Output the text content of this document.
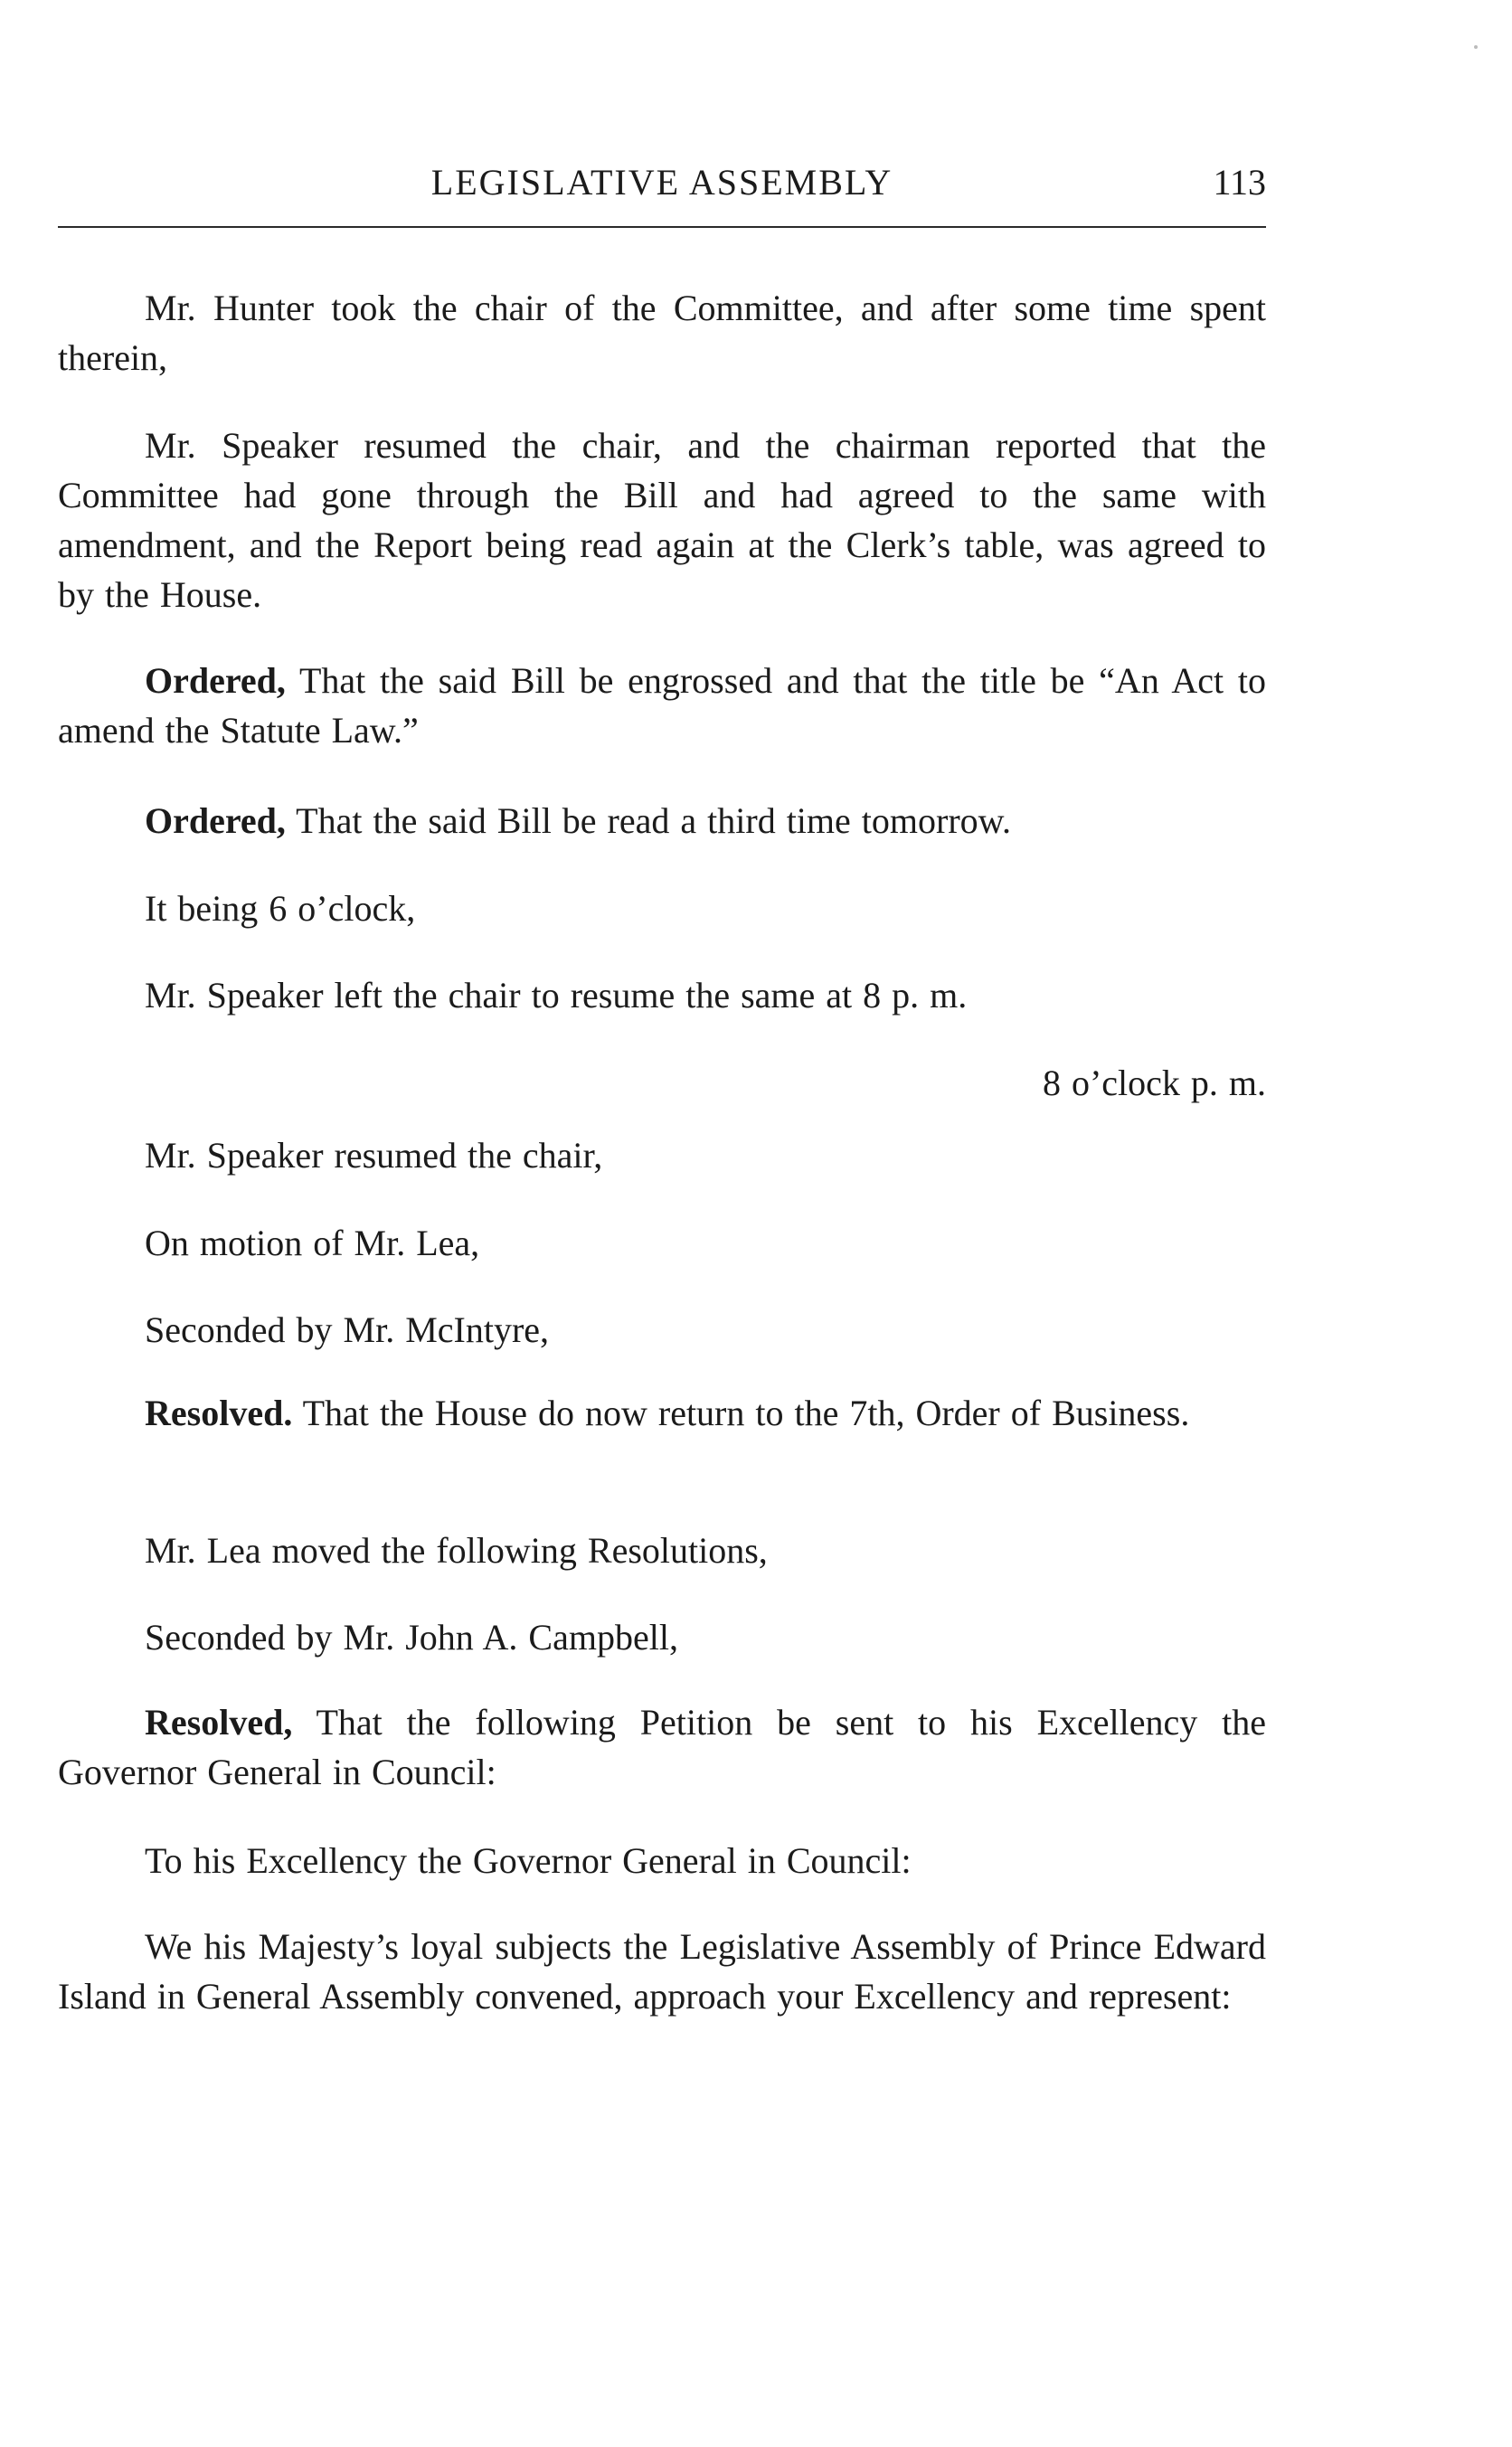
LEGISLATIVE ASSEMBLY	113
Mr. Hunter took the chair of the Committee, and after some time spent therein,
Mr. Speaker resumed the chair, and the chairman reported that the Committee had gone through the Bill and had agreed to the same with amendment, and the Report being read again at the Clerk’s table, was agreed to by the House.
Ordered, That the said Bill be engrossed and that the title be “An Act to amend the Statute Law.”
Ordered, That the said Bill be read a third time tomorrow.
It being 6 o’clock,
Mr. Speaker left the chair to resume the same at 8 p. m.
8 o’clock p. m.
Mr. Speaker resumed the chair,
On motion of Mr. Lea,
Seconded by Mr. McIntyre,
Resolved. That the House do now return to the 7th, Order of Business.
Mr. Lea moved the following Resolutions,
Seconded by Mr. John A. Campbell,
Resolved, That the following Petition be sent to his Excellency the Governor General in Council:
To his Excellency the Governor General in Council:
We his Majesty’s loyal subjects the Legislative Assembly of Prince Edward Island in General Assembly convened, approach your Excellency and represent:
